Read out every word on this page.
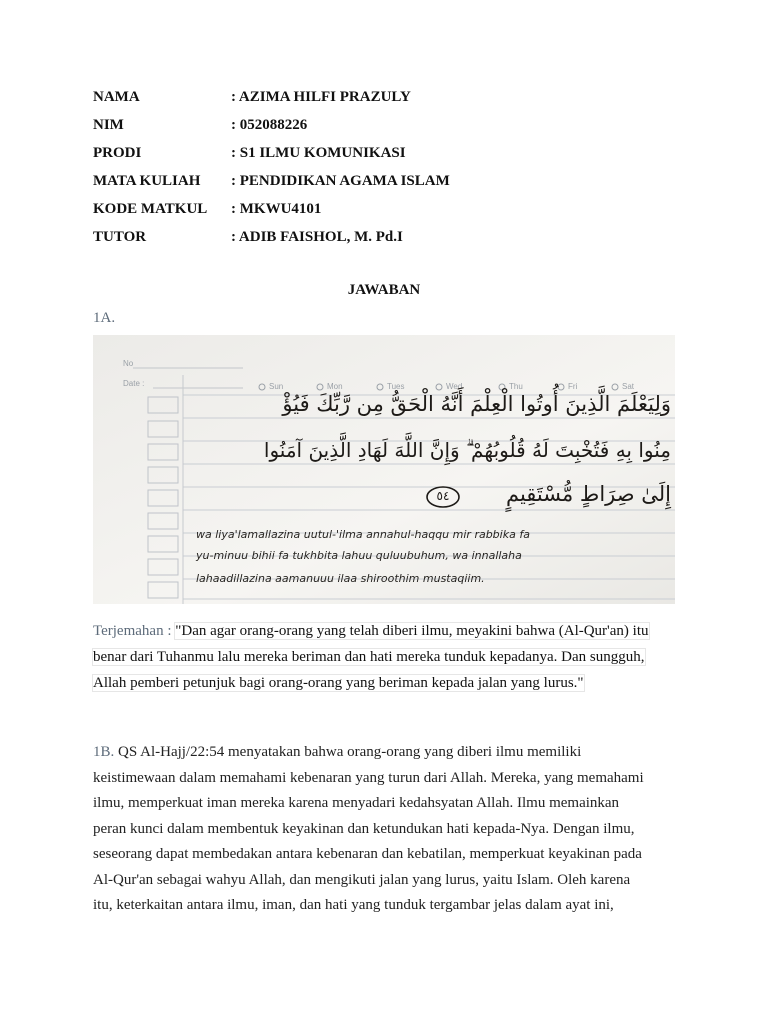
NAMA	: AZIMA HILFI PRAZULY
NIM	: 052088226
PRODI	: S1 ILMU KOMUNIKASI
MATA KULIAH : PENDIDIKAN AGAMA ISLAM
KODE MATKUL : MKWU4101
TUTOR	: ADIB FAISHOL, M. Pd.I
JAWABAN
1A.
No
Date :	Sun	Mon	Tues	Wed	Thu	Fri	Sat
وَلِيَعْلَمَ الَّذِينَ أُوتُوا الْعِلْمَ أَنَّهُ الْحَقُّ مِن رَّبِّكَ فَيُؤْ
مِنُوا بِهِ فَتُخْبِتَ لَهُ قُلُوبُهُمْ ۗ وَإِنَّ اللَّهَ لَهَادِ الَّذِينَ آمَنُوا
إِلَىٰ صِرَاطٍ مُّسْتَقِيمٍ
٥٤
wa liya'lamallazina uutul-'ilma annahul-haqqu mir rabbika fa
yu-minuu bihii fa tukhbita lahuu quluubuhum, wa innallaha
lahaadillazina aamanuuu ilaa shiroothim mustaqiim.
Terjemahan : "Dan agar orang-orang yang telah diberi ilmu, meyakini bahwa (Al-Qur'an) itu
benar dari Tuhanmu lalu mereka beriman dan hati mereka tunduk kepadanya. Dan sungguh,
Allah pemberi petunjuk bagi orang-orang yang beriman kepada jalan yang lurus."
1B. QS Al-Hajj/22:54 menyatakan bahwa orang-orang yang diberi ilmu memiliki
keistimewaan dalam memahami kebenaran yang turun dari Allah. Mereka, yang memahami
ilmu, memperkuat iman mereka karena menyadari kedahsyatan Allah. Ilmu memainkan
peran kunci dalam membentuk keyakinan dan ketundukan hati kepada-Nya. Dengan ilmu,
seseorang dapat membedakan antara kebenaran dan kebatilan, memperkuat keyakinan pada
Al-Qur'an sebagai wahyu Allah, dan mengikuti jalan yang lurus, yaitu Islam. Oleh karena
itu, keterkaitan antara ilmu, iman, dan hati yang tunduk tergambar jelas dalam ayat ini,
